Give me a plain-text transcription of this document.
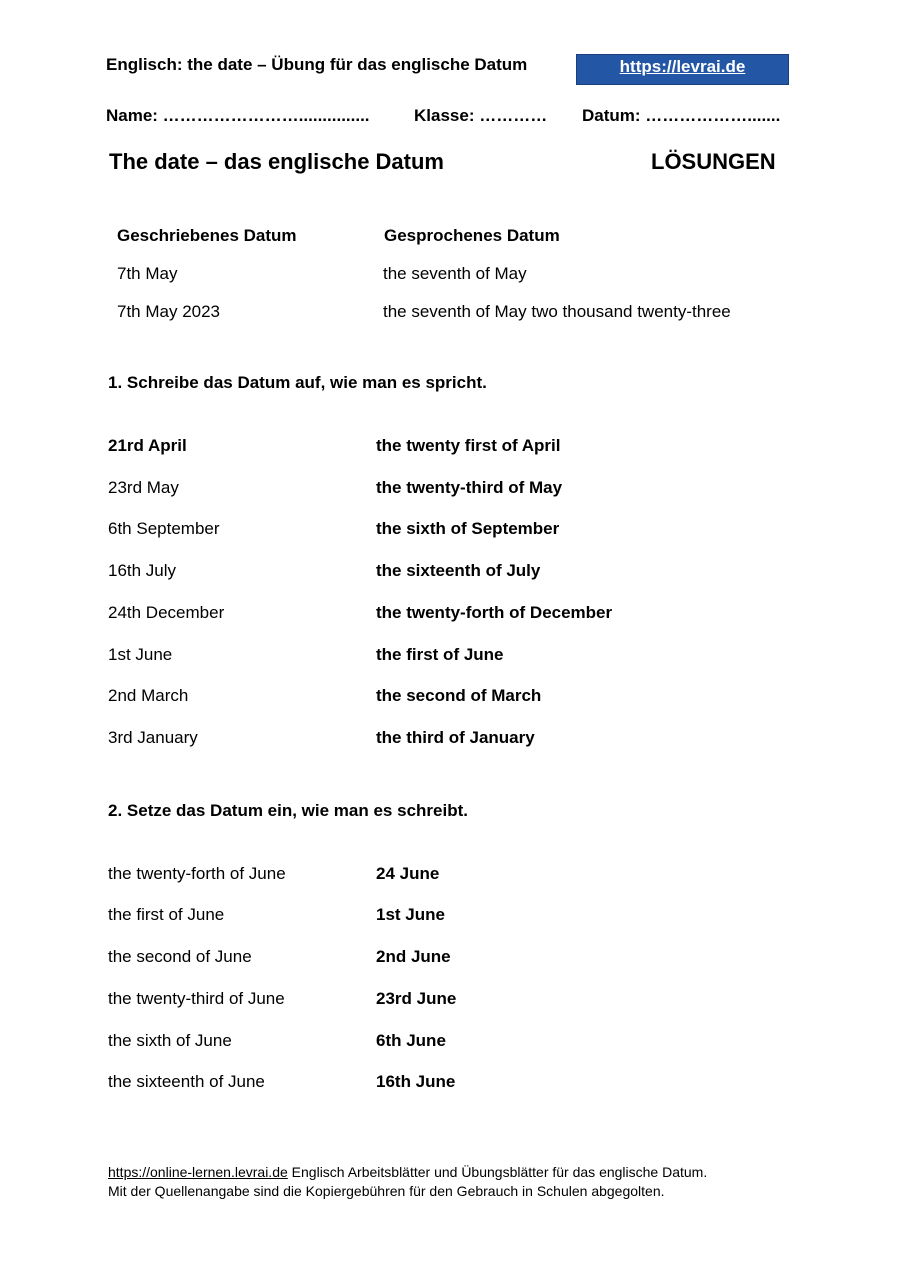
Englisch: the date – Übung für das englische Datum	https://levrai.de
Name: ……………………...............	Klasse: ………… Datum: ……………….......
The date – das englische Datum	LÖSUNGEN
Geschriebenes Datum	Gesprochenes Datum
7th May	the seventh of May
7th May 2023	the seventh of May two thousand twenty-three
1. Schreibe das Datum auf, wie man es spricht.
21rd April	the twenty first of April
23rd May	the twenty-third of May
6th September	the sixth of September
16th July	the sixteenth of July
24th December	the twenty-forth of December
1st June	the first of June
2nd March	the second of March
3rd January	the third of January
2. Setze das Datum ein, wie man es schreibt.
the twenty-forth of June	24 June
the first of June	1st June
the second of June	2nd June
the twenty-third of June	23rd June
the sixth of June	6th June
the sixteenth of June	16th June
https://online-lernen.levrai.de Englisch Arbeitsblätter und Übungsblätter für das englische Datum.
Mit der Quellenangabe sind die Kopiergebühren für den Gebrauch in Schulen abgegolten.
